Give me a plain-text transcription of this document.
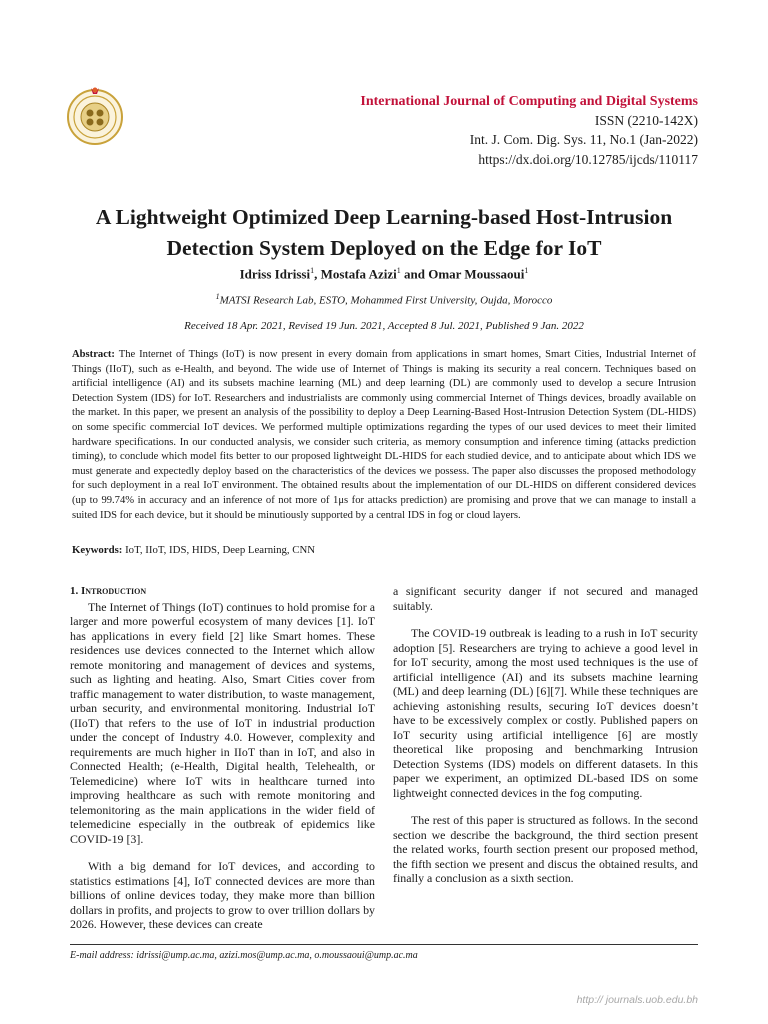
International Journal of Computing and Digital Systems
ISSN (2210-142X)
Int. J. Com. Dig. Sys. 11, No.1 (Jan-2022)
https://dx.doi.org/10.12785/ijcds/110117
A Lightweight Optimized Deep Learning-based Host-Intrusion
Detection System Deployed on the Edge for IoT
Idriss Idrissi$^1$, Mostafa Azizi$^1$ and Omar Moussaoui$^1$
$^1$MATSI Research Lab, ESTO, Mohammed First University, Oujda, Morocco
Received 18 Apr. 2021, Revised 19 Jun. 2021, Accepted 8 Jul. 2021, Published 9 Jan. 2022
Abstract: The Internet of Things (IoT) is now present in every domain from applications in smart homes, Smart Cities, Industrial Internet of Things (IIoT), such as e-Health, and beyond. The wide use of Internet of Things is making its security a real concern. Techniques based on artificial intelligence (AI) and its subsets machine learning (ML) and deep learning (DL) are commonly used to develop a secure Intrusion Detection System (IDS) for IoT. Researchers and industrialists are commonly using commercial Internet of Things devices, broadly available on the market. In this paper, we present an analysis of the possibility to deploy a Deep Learning-Based Host-Intrusion Detection System (DL-HIDS) on some specific commercial IoT devices. We performed multiple optimizations regarding the types of our used devices to meet their limited hardware specifications. In our conducted analysis, we consider such criteria, as memory consumption and inference timing (attacks prediction timing), to conclude which model fits better to our proposed lightweight DL-HIDS for each studied device, and to anticipate about which IDS we must generate and expectedly deploy based on the characteristics of the devices we possess. The paper also discusses the proposed methodology for such deployment in a real IoT environment. The obtained results about the implementation of our DL-HIDS on different considered devices (up to 99.74% in accuracy and an inference of not more of 1μs for attacks prediction) are promising and prove that we can manage to install a suited IDS for each device, but it should be minutiously supported by a central IDS in fog or cloud layers.
Keywords: IoT, IIoT, IDS, HIDS, Deep Learning, CNN
1. Introduction

The Internet of Things (IoT) continues to hold promise for a larger and more powerful ecosystem of many devices [1]. IoT has applications in every field [2] like Smart homes. These residences use devices connected to the Internet which allow remote monitoring and management of devices and systems, such as lighting and heating. Also, Smart Cities cover from traffic management to water distribution, to waste management, urban security, and environmental monitoring. Industrial IoT (IIoT) that refers to the use of IoT in industrial production under the concept of Industry 4.0. However, complexity and requirements are much higher in IIoT than in IoT, and also in Connected Health; (e-Health, Digital health, Telehealth, or Telemedicine) where IoT wits in healthcare turned into improving healthcare as such with remote monitoring and telemonitoring as the main applications in the wider field of telemedicine especially in the outbreak of epidemics like COVID-19 [3].

With a big demand for IoT devices, and according to statistics estimations [4], IoT connected devices are more than billions of online devices today, they make more than billion dollars in profits, and projects to grow to over trillion dollars by 2026. However, these devices can create

a significant security danger if not secured and managed suitably.

The COVID-19 outbreak is leading to a rush in IoT security adoption [5]. Researchers are trying to achieve a good level in for IoT security, among the most used techniques is the use of artificial intelligence (AI) and its subsets machine learning (ML) and deep learning (DL) [6][7]. While these techniques are achieving astonishing results, securing IoT devices doesn’t have to be excessively complex or costly. Published papers on IoT security using artificial intelligence [6] are mostly theoretical like proposing and benchmarking Intrusion Detection Systems (IDS) models on different datasets. In this paper we experiment, an optimized DL-based IDS on some lightweight connected devices in the fog computing.

The rest of this paper is structured as follows. In the second section we describe the background, the third section present the related works, fourth section present our proposed method, the fifth section we present and discus the obtained results, and finally a conclusion as a sixth section.

E-mail address: idrissi@ump.ac.ma, azizi.mos@ump.ac.ma, o.moussaoui@ump.ac.ma
http:// journals.uob.edu.bh
